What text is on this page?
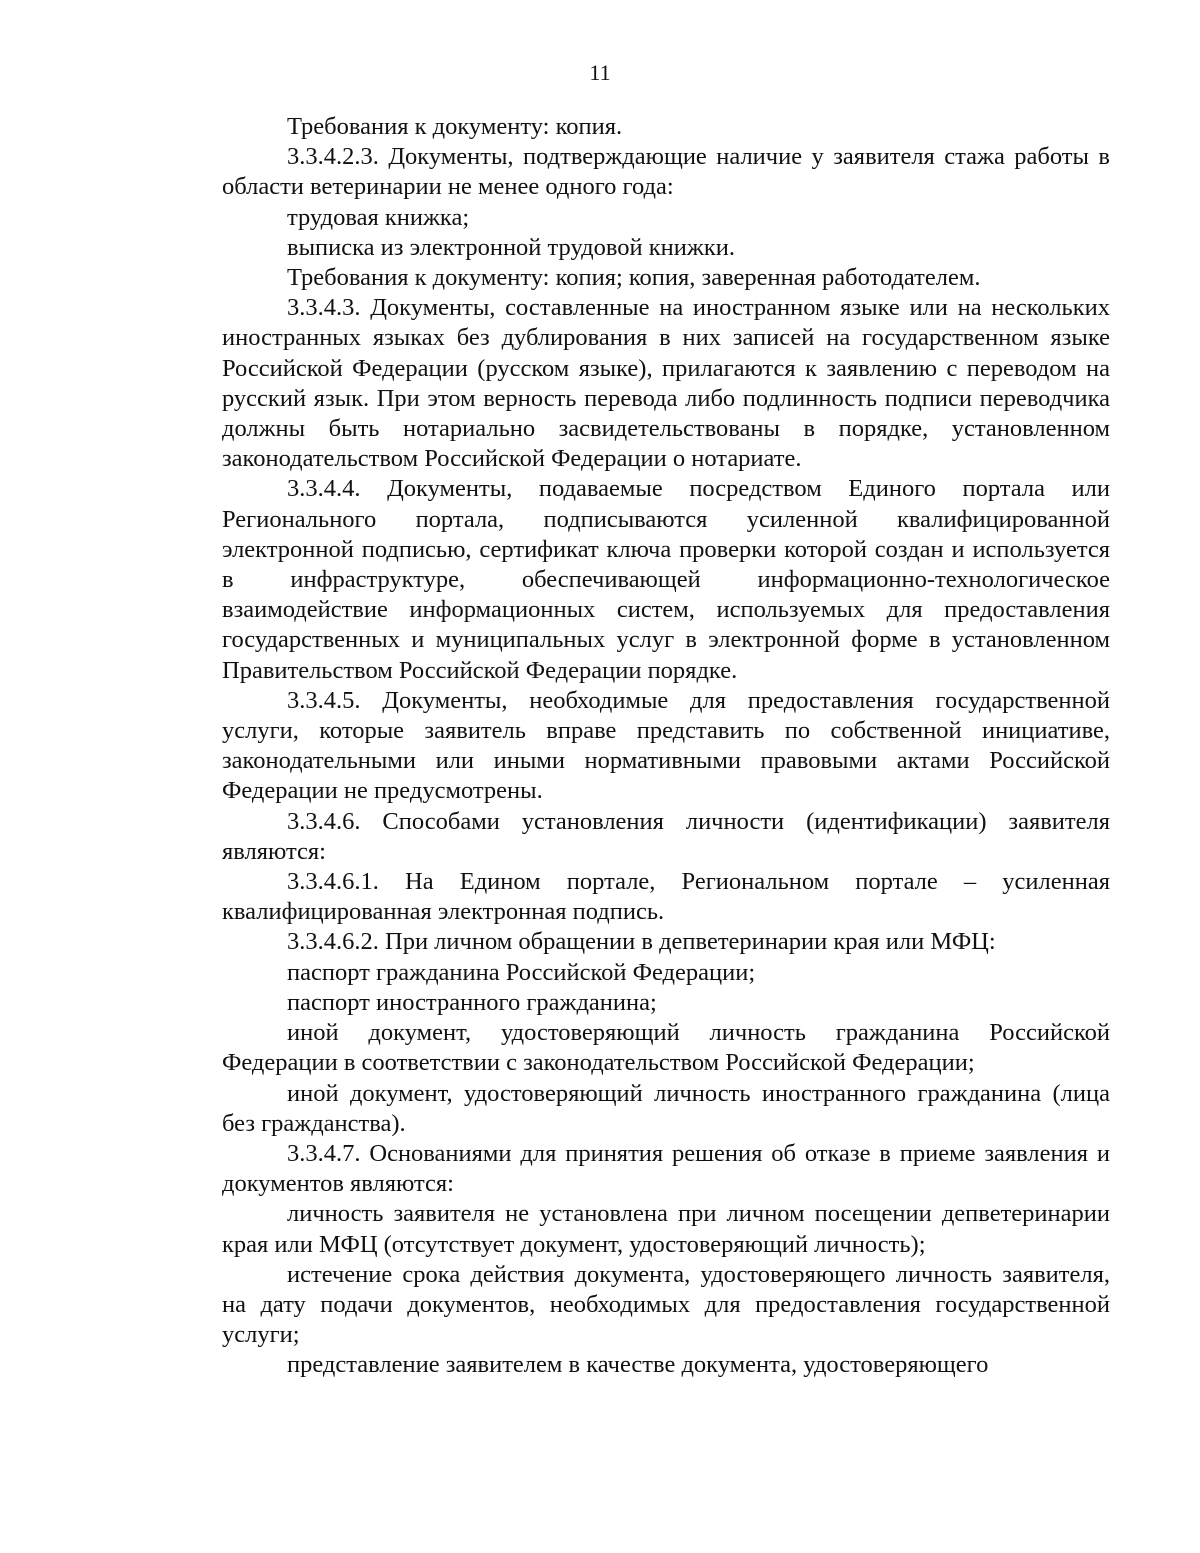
11

Требования к документу: копия.

3.3.4.2.3. Документы, подтверждающие наличие у заявителя стажа работы в области ветеринарии не менее одного года:

трудовая книжка;

выписка из электронной трудовой книжки.

Требования к документу: копия; копия, заверенная работодателем.

3.3.4.3. Документы, составленные на иностранном языке или на нескольких иностранных языках без дублирования в них записей на государственном языке Российской Федерации (русском языке), прилагаются к заявлению с переводом на русский язык. При этом верность перевода либо подлинность подписи переводчика должны быть нотариально засвидетельствованы в порядке, установленном законодательством Российской Федерации о нотариате.

3.3.4.4. Документы, подаваемые посредством Единого портала или Регионального портала, подписываются усиленной квалифицированной электронной подписью, сертификат ключа проверки которой создан и используется в инфраструктуре, обеспечивающей информационно-технологическое взаимодействие информационных систем, используемых для предоставления государственных и муниципальных услуг в электронной форме в установленном Правительством Российской Федерации порядке.

3.3.4.5. Документы, необходимые для предоставления государственной услуги, которые заявитель вправе представить по собственной инициативе, законодательными или иными нормативными правовыми актами Российской Федерации не предусмотрены.

3.3.4.6. Способами установления личности (идентификации) заявителя являются:

3.3.4.6.1. На Едином портале, Региональном портале – усиленная квалифицированная электронная подпись.

3.3.4.6.2. При личном обращении в депветеринарии края или МФЦ:

паспорт гражданина Российской Федерации;

паспорт иностранного гражданина;

иной документ, удостоверяющий личность гражданина Российской Федерации в соответствии с законодательством Российской Федерации;

иной документ, удостоверяющий личность иностранного гражданина (лица без гражданства).

3.3.4.7. Основаниями для принятия решения об отказе в приеме заявления и документов являются:

личность заявителя не установлена при личном посещении депветеринарии края или МФЦ (отсутствует документ, удостоверяющий личность);

истечение срока действия документа, удостоверяющего личность заявителя, на дату подачи документов, необходимых для предоставления государственной услуги;

представление заявителем в качестве документа, удостоверяющего
